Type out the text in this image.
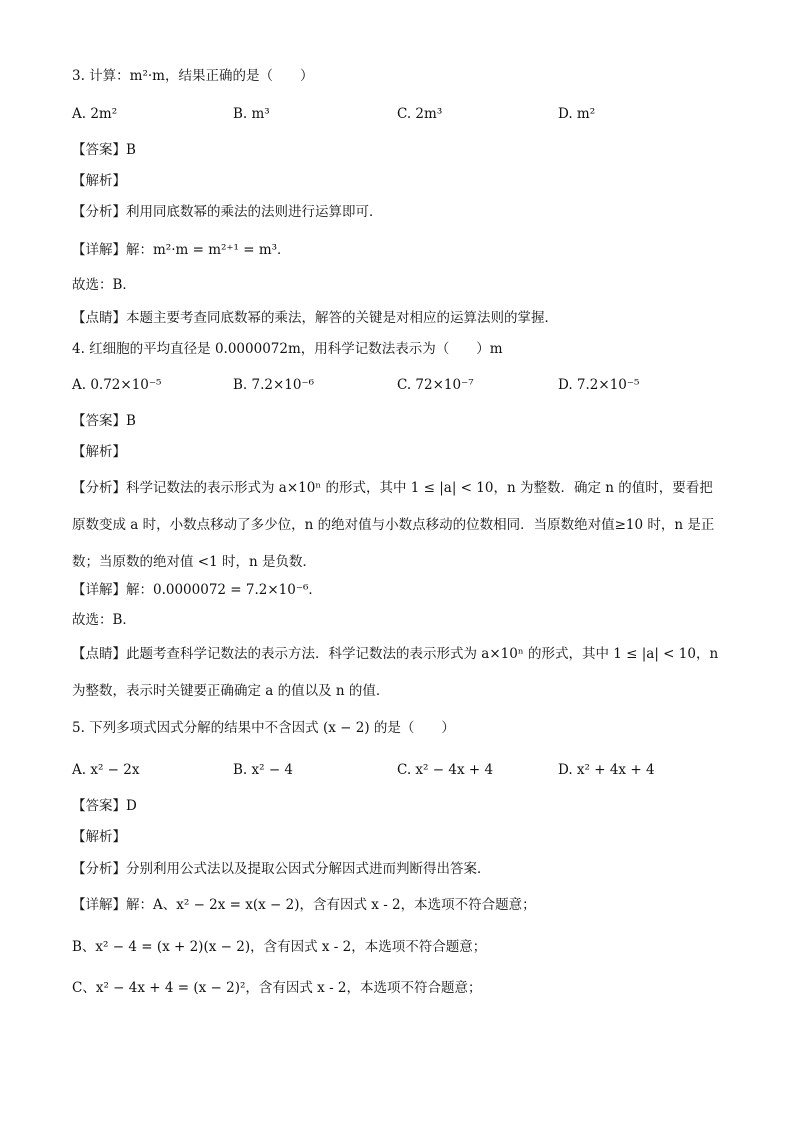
3. 计算：m²·m，结果正确的是（　　）
A. 2m²	B. m³	C. 2m³	D. m²
【答案】B
【解析】
【分析】利用同底数幂的乘法的法则进行运算即可．
【详解】解：m²·m = m²⁺¹ = m³．
故选：B．
【点睛】本题主要考查同底数幂的乘法，解答的关键是对相应的运算法则的掌握．
4. 红细胞的平均直径是 0.0000072m，用科学记数法表示为（　　）m
A. 0.72×10⁻⁵	B. 7.2×10⁻⁶	C. 72×10⁻⁷	D. 7.2×10⁻⁵
【答案】B
【解析】
【分析】科学记数法的表示形式为 a×10ⁿ 的形式，其中 1 ≤ |a| < 10，n 为整数．确定 n 的值时，要看把原数变成 a 时，小数点移动了多少位，n 的绝对值与小数点移动的位数相同．当原数绝对值≥10 时，n 是正数；当原数的绝对值 <1 时，n 是负数．
【详解】解：0.0000072 = 7.2×10⁻⁶．
故选：B．
【点睛】此题考查科学记数法的表示方法．科学记数法的表示形式为 a×10ⁿ 的形式，其中 1 ≤ |a| < 10，n 为整数，表示时关键要正确确定 a 的值以及 n 的值．
5. 下列多项式因式分解的结果中不含因式 (x − 2) 的是（　　）
A. x² − 2x	B. x² − 4	C. x² − 4x + 4	D. x² + 4x + 4
【答案】D
【解析】
【分析】分别利用公式法以及提取公因式分解因式进而判断得出答案．
【详解】解：A、x² − 2x = x(x − 2)，含有因式 x - 2，本选项不符合题意；
B、x² − 4 = (x + 2)(x − 2)，含有因式 x - 2，本选项不符合题意；
C、x² − 4x + 4 = (x − 2)²，含有因式 x - 2，本选项不符合题意；
